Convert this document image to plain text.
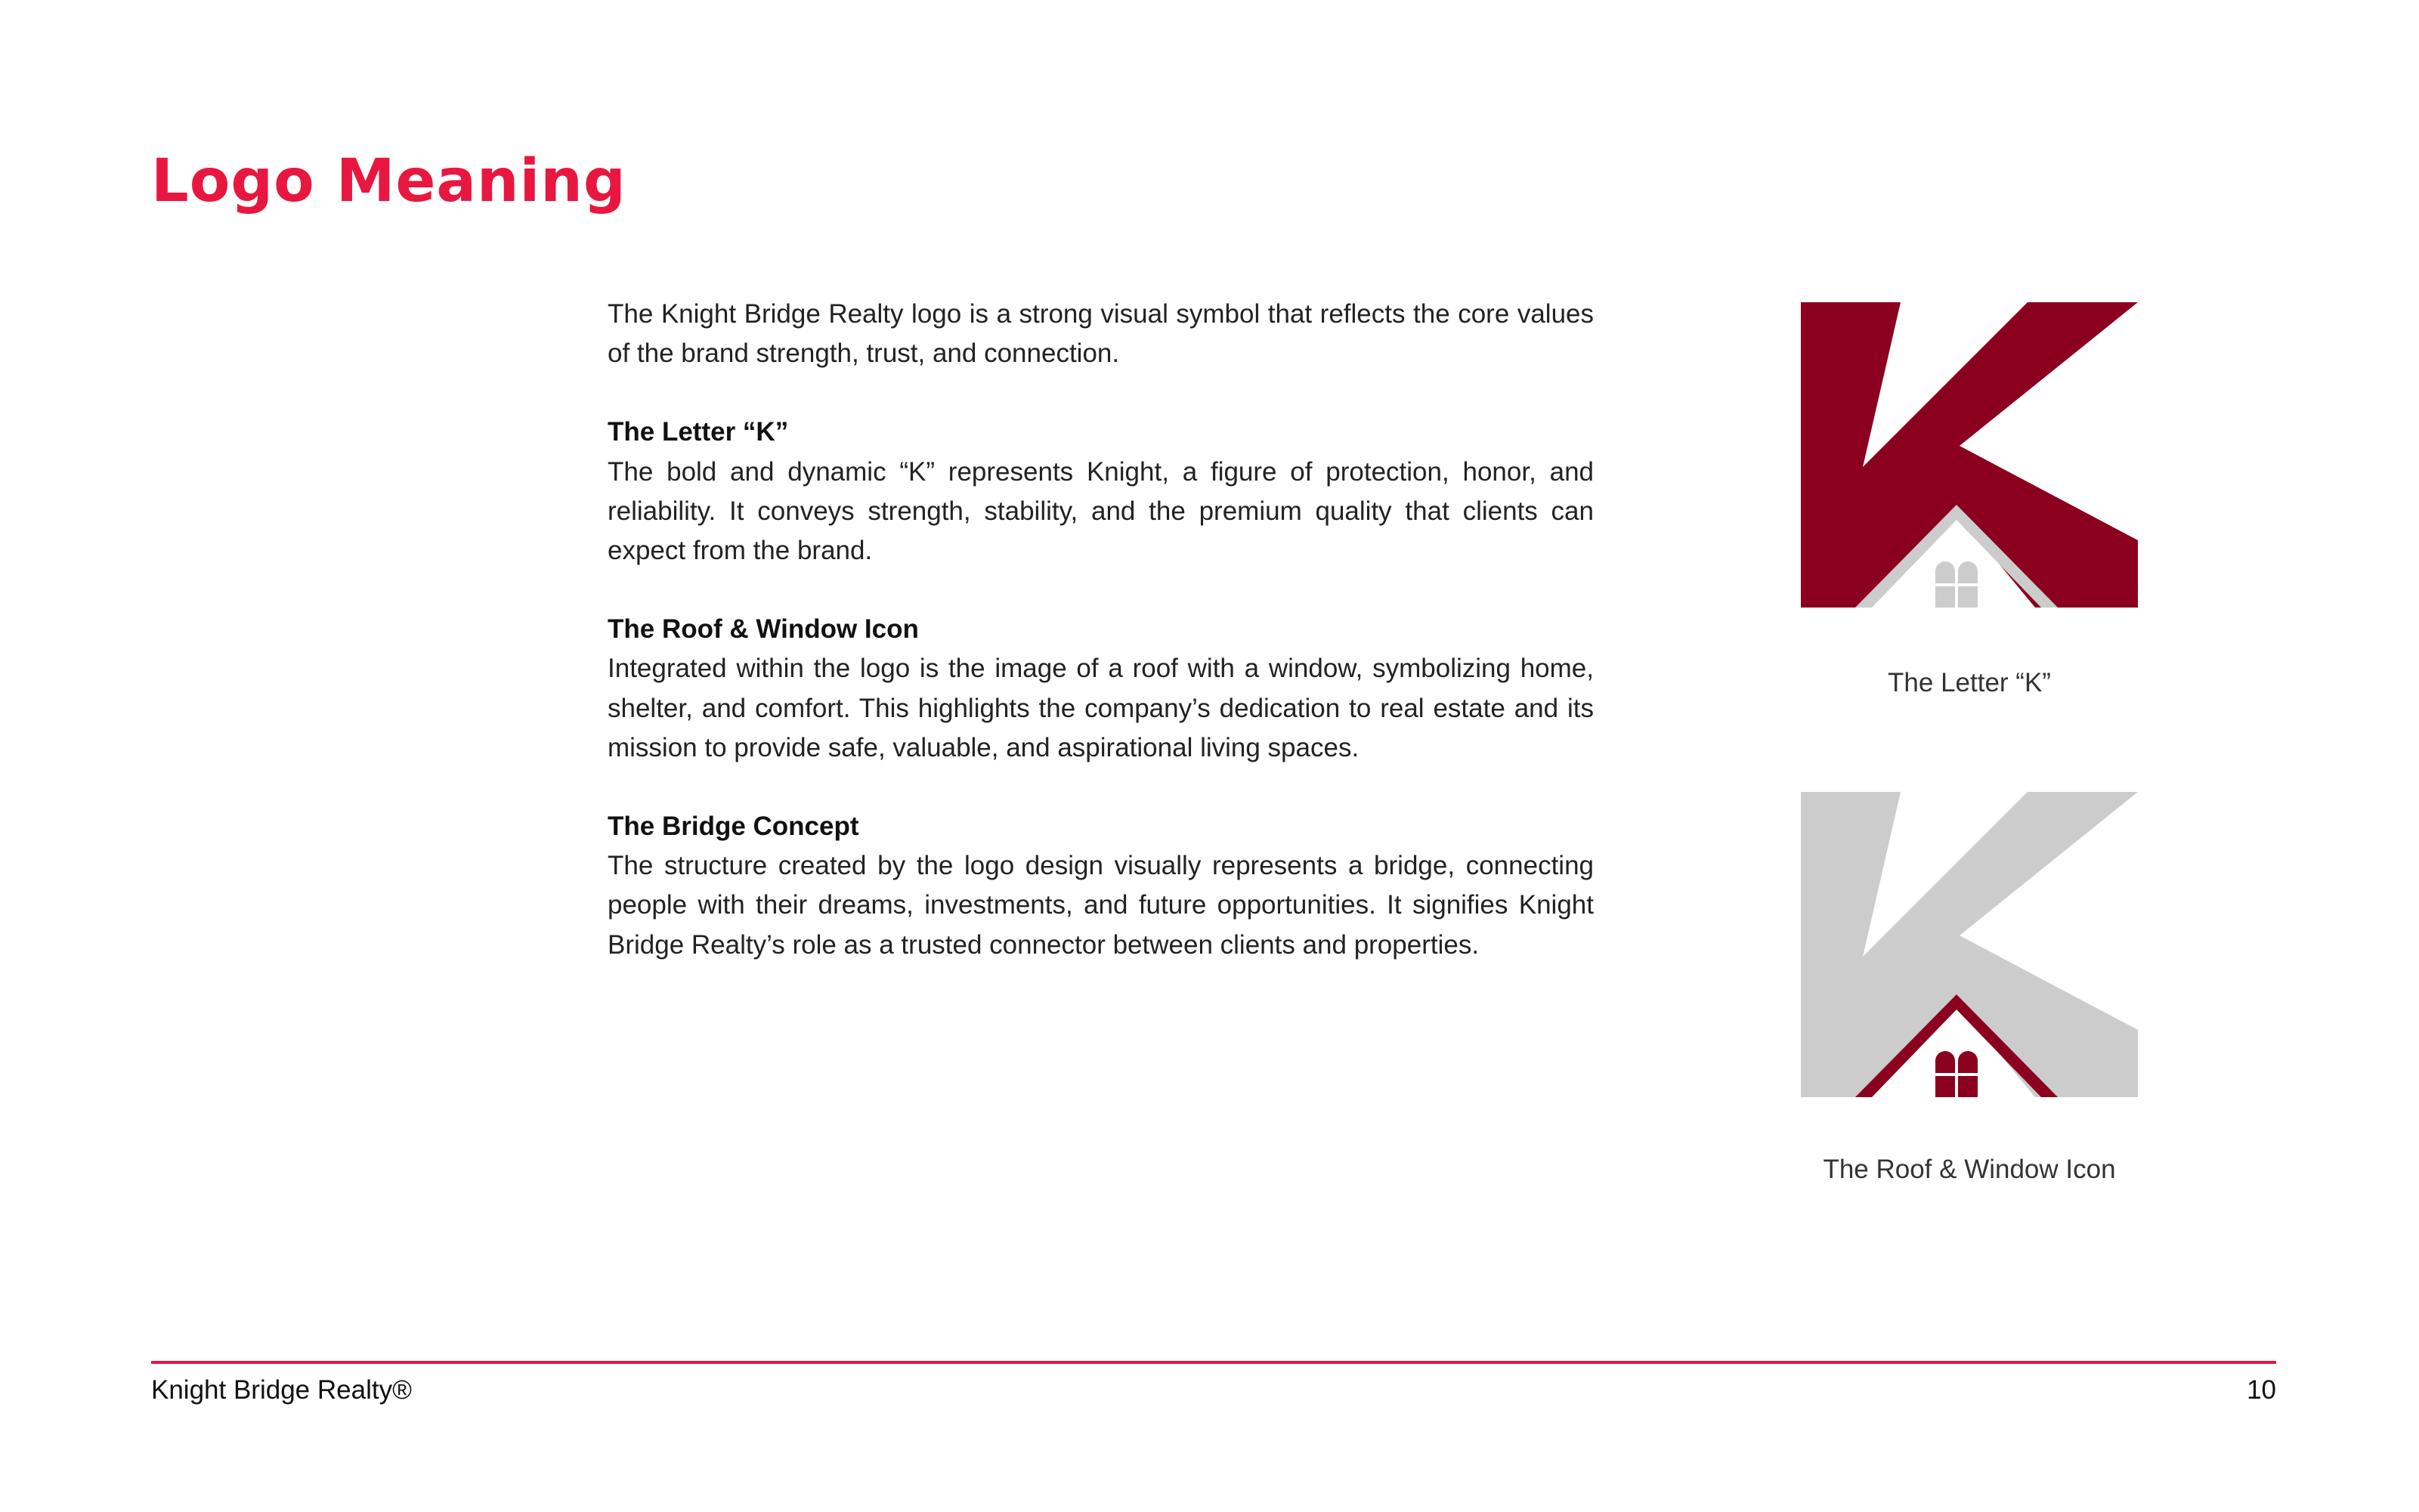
Logo Meaning

The Knight Bridge Realty logo is a strong visual symbol that reflects the core values of the brand strength, trust, and connection.

The Letter “K”
The bold and dynamic “K” represents Knight, a figure of protection, honor, and reliability. It conveys strength, stability, and the premium quality that clients can expect from the brand.

The Roof & Window Icon
Integrated within the logo is the image of a roof with a window, symbolizing home, shelter, and comfort. This highlights the company’s dedication to real estate and its mission to provide safe, valuable, and aspirational living spaces.

The Bridge Concept
The structure created by the logo design visually represents a bridge, connecting people with their dreams, investments, and future opportunities. It signifies Knight Bridge Realty’s role as a trusted connector between clients and properties.

The Letter “K”
The Roof & Window Icon
Knight Bridge Realty®	10
